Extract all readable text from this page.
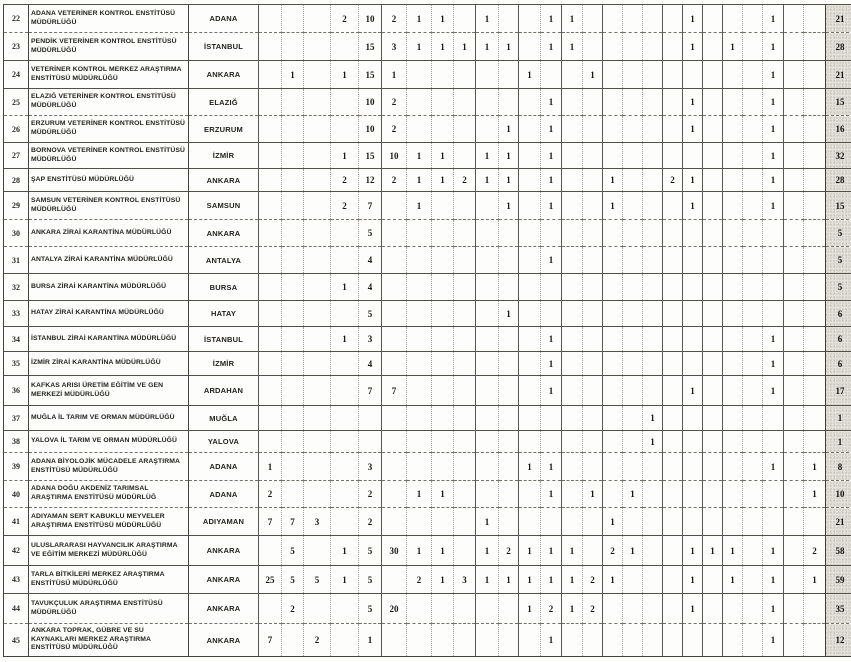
22	ADANA VETERİNER KONTROL ENSTİTÜSÜ MÜDÜRLÜĞÜ	ADANA				2	10	2	1	1		1			1	1						1				1			21
23	PENDİK VETERİNER KONTROL ENSTİTÜSÜ MÜDÜRLÜĞÜ	İSTANBUL					15	3	1	1	1	1	1		1	1						1		1		1			28
24	VETERİNER KONTROL MERKEZ ARAŞTIRMA ENSTİTÜSÜ MÜDÜRLÜĞÜ	ANKARA		1		1	15	1						1			1									1			21
25	ELAZIĞ VETERİNER KONTROL ENSTİTÜSÜ MÜDÜRLÜĞÜ	ELAZIĞ					10	2							1							1				1			15
26	ERZURUM VETERİNER KONTROL ENSTİTÜSÜ MÜDÜRLÜĞÜ	ERZURUM					10	2					1		1							1				1			16
27	BORNOVA VETERİNER KONTROL ENSTİTÜSÜ MÜDÜRLÜĞÜ	İZMİR				1	15	10	1	1		1	1		1											1			32
28	ŞAP ENSTİTÜSÜ MÜDÜRLÜĞÜ	ANKARA				2	12	2	1	1	2	1	1		1			1			2	1				1			28
29	SAMSUN VETERİNER KONTROL ENSTİTÜSÜ MÜDÜRLÜĞÜ	SAMSUN				2	7		1				1		1			1				1				1			15
30	ANKARA ZİRAİ KARANTİNA MÜDÜRLÜĞÜ	ANKARA					5																						5
31	ANTALYA ZİRAİ KARANTİNA MÜDÜRLÜĞÜ	ANTALYA					4								1														5
32	BURSA ZİRAİ KARANTİNA MÜDÜRLÜĞÜ	BURSA				1	4																						5
33	HATAY ZİRAİ KARANTİNA MÜDÜRLÜĞÜ	HATAY					5						1																6
34	İSTANBUL ZİRAİ KARANTİNA MÜDÜRLÜĞÜ	İSTANBUL				1	3								1											1			6
35	İZMİR ZİRAİ KARANTİNA MÜDÜRLÜĞÜ	İZMİR					4								1											1			6
36	KAFKAS ARISI ÜRETİM EĞİTİM VE GEN MERKEZİ MÜDÜRLÜĞÜ	ARDAHAN					7	7							1							1				1			17
37	MUĞLA İL TARIM VE ORMAN MÜDÜRLÜĞÜ	MUĞLA																		1									1
38	YALOVA İL TARIM VE ORMAN MÜDÜRLÜĞÜ	YALOVA																		1									1
39	ADANA BİYOLOJİK MÜCADELE ARAŞTIRMA ENSTİTÜSÜ MÜDÜRLÜĞÜ	ADANA	1				3							1	1											1		1	8
40	ADANA DOĞU AKDENİZ TARIMSAL ARAŞTIRMA ENSTİTÜSÜ MÜDÜRLÜĞ	ADANA	2				2		1	1					1		1		1									1	10
41	ADIYAMAN SERT KABUKLU MEYVELER ARAŞTIRMA ENSTİTÜSÜ MÜDÜRLÜĞÜ	ADIYAMAN	7	7	3		2					1						1											21
42	ULUSLARARASI HAYVANCILIK ARAŞTIRMA VE EĞİTİM MERKEZİ MÜDÜRLÜĞÜ	ANKARA		5		1	5	30	1	1		1	2	1	1	1		2	1			1	1	1		1		2	58
43	TARLA BİTKİLERİ MERKEZ ARAŞTIRMA ENSTİTÜSÜ MÜDÜRLÜĞÜ	ANKARA	25	5	5	1	5		2	1	3	1	1	1	1	1	2	1				1		1		1		1	59
44	TAVUKÇULUK ARAŞTIRMA ENSTİTÜSÜ MÜDÜRLÜĞÜ	ANKARA		2			5	20						1	2	1	2					1				1			35
45	ANKARA TOPRAK, GÜBRE VE SU KAYNAKLARI MERKEZ ARAŞTIRMA ENSTİTÜSÜ MÜDÜRLÜĞÜ	ANKARA	7		2		1								1											1			12
